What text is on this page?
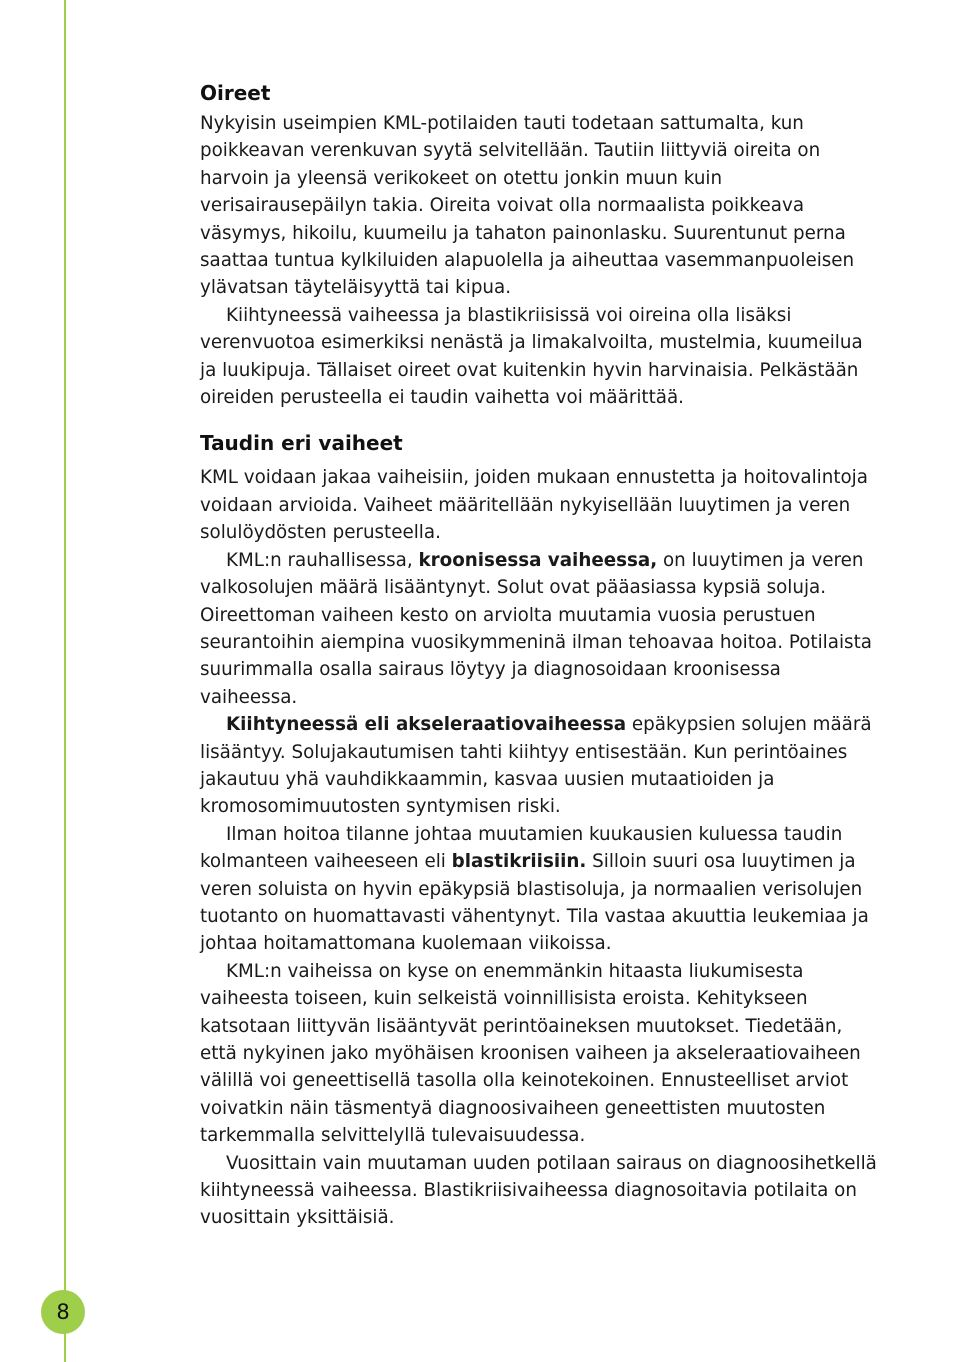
Oireet

Nykyisin useimpien KML-potilaiden tauti todetaan sattumalta, kun poikkeavan verenkuvan syytä selvitellään. Tautiin liittyviä oireita on harvoin ja yleensä verikokeet on otettu jonkin muun kuin verisairausepäilyn takia. Oireita voivat olla normaalista poikkeava väsymys, hikoilu, kuumeilu ja tahaton painonlasku. Suurentunut perna saattaa tuntua kylkiluiden alapuolella ja aiheuttaa vasemmanpuoleisen ylävatsan täyteläisyyttä tai kipua.

Kiihtyneessä vaiheessa ja blastikriisissä voi oireina olla lisäksi verenvuotoa esimerkiksi nenästä ja limakalvoilta, mustelmia, kuumeilua ja luukipuja. Tällaiset oireet ovat kuitenkin hyvin harvinaisia. Pelkästään oireiden perusteella ei taudin vaihetta voi määrittää.

Taudin eri vaiheet

KML voidaan jakaa vaiheisiin, joiden mukaan ennustetta ja hoitovalintoja voidaan arvioida. Vaiheet määritellään nykyisellään luuytimen ja veren solulöydösten perusteella.

KML:n rauhallisessa, kroonisessa vaiheessa, on luuytimen ja veren valkosolujen määrä lisääntynyt. Solut ovat pääasiassa kypsiä soluja. Oireettoman vaiheen kesto on arviolta muutamia vuosia perustuen seurantoihin aiempina vuosikymmeninä ilman tehoavaa hoitoa. Potilaista suurimmalla osalla sairaus löytyy ja diagnosoidaan kroonisessa vaiheessa.

Kiihtyneessä eli akseleraatiovaiheessa epäkypsien solujen määrä lisääntyy. Solujakautumisen tahti kiihtyy entisestään. Kun perintöaines jakautuu yhä vauhdikkaammin, kasvaa uusien mutaatioiden ja kromosomimuutosten syntymisen riski.

Ilman hoitoa tilanne johtaa muutamien kuukausien kuluessa taudin kolmanteen vaiheeseen eli blastikriisiin. Silloin suuri osa luuytimen ja veren soluista on hyvin epäkypsiä blastisoluja, ja normaalien verisolujen tuotanto on huomattavasti vähentynyt. Tila vastaa akuuttia leukemiaa ja johtaa hoitamattomana kuolemaan viikoissa.

KML:n vaiheissa on kyse on enemmänkin hitaasta liukumisesta vaiheesta toiseen, kuin selkeistä voinnillisista eroista. Kehitykseen katsotaan liittyvän lisääntyvät perintöaineksen muutokset. Tiedetään, että nykyinen jako myöhäisen kroonisen vaiheen ja akseleraatiovaiheen välillä voi geneettisellä tasolla olla keinotekoinen. Ennusteelliset arviot voivatkin näin täsmentyä diagnoosivaiheen geneettisten muutosten tarkemmalla selvittelyllä tulevaisuudessa.

Vuosittain vain muutaman uuden potilaan sairaus on diagnoosihetkellä kiihtyneessä vaiheessa. Blastikriisivaiheessa diagnosoitavia potilaita on vuosittain yksittäisiä.

8
